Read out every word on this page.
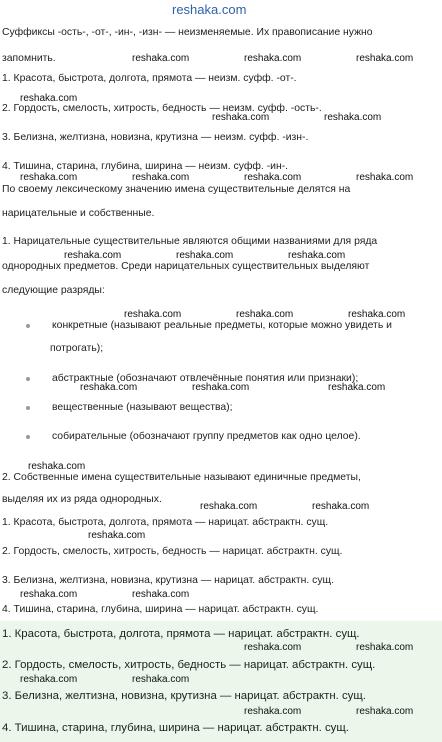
reshaka.com
Суффиксы -ость-, -от-, -ин-, -изн- — неизменяемые. Их правописание нужно
запомнить.
1. Красота, быстрота, долгота, прямота — неизм. суфф. -от-.
2. Гордость, смелость, хитрость, бедность — неизм. суфф. -ость-.
3. Белизна, желтизна, новизна, крутизна — неизм. суфф. -изн-.
4. Тишина, старина, глубина, ширина — неизм. суфф. -ин-.
По своему лексическому значению имена существительные делятся на
нарицательные и собственные.
1. Нарицательные существительные являются общими названиями для ряда
однородных предметов. Среди нарицательных существительных выделяют
следующие разряды:
конкретные (называют реальные предметы, которые можно увидеть и
потрогать);
абстрактные (обозначают отвлечённые понятия или признаки);
вещественные (называют вещества);
собирательные (обозначают группу предметов как одно целое).
2. Собственные имена существительные называют единичные предметы,
выделяя их из ряда однородных.
1. Красота, быстрота, долгота, прямота — нарицат. абстрактн. сущ.
2. Гордость, смелость, хитрость, бедность — нарицат. абстрактн. сущ.
3. Белизна, желтизна, новизна, крутизна — нарицат. абстрактн. сущ.
4. Тишина, старина, глубина, ширина — нарицат. абстрактн. сущ.
1. Красота, быстрота, долгота, прямота — нарицат. абстрактн. сущ.
2. Гордость, смелость, хитрость, бедность — нарицат. абстрактн. сущ.
3. Белизна, желтизна, новизна, крутизна — нарицат. абстрактн. сущ.
4. Тишина, старина, глубина, ширина — нарицат. абстрактн. сущ.
reshaka.com	reshaka.com	reshaka.com
reshaka.com
reshaka.com	reshaka.com
reshaka.com	reshaka.com	reshaka.com	reshaka.com
reshaka.com	reshaka.com	reshaka.com
reshaka.com	reshaka.com	reshaka.com
reshaka.com	reshaka.com	reshaka.com
reshaka.com
reshaka.com	reshaka.com
reshaka.com
reshaka.com	reshaka.com
reshaka.com	reshaka.com
reshaka.com	reshaka.com
reshaka.com	reshaka.com
